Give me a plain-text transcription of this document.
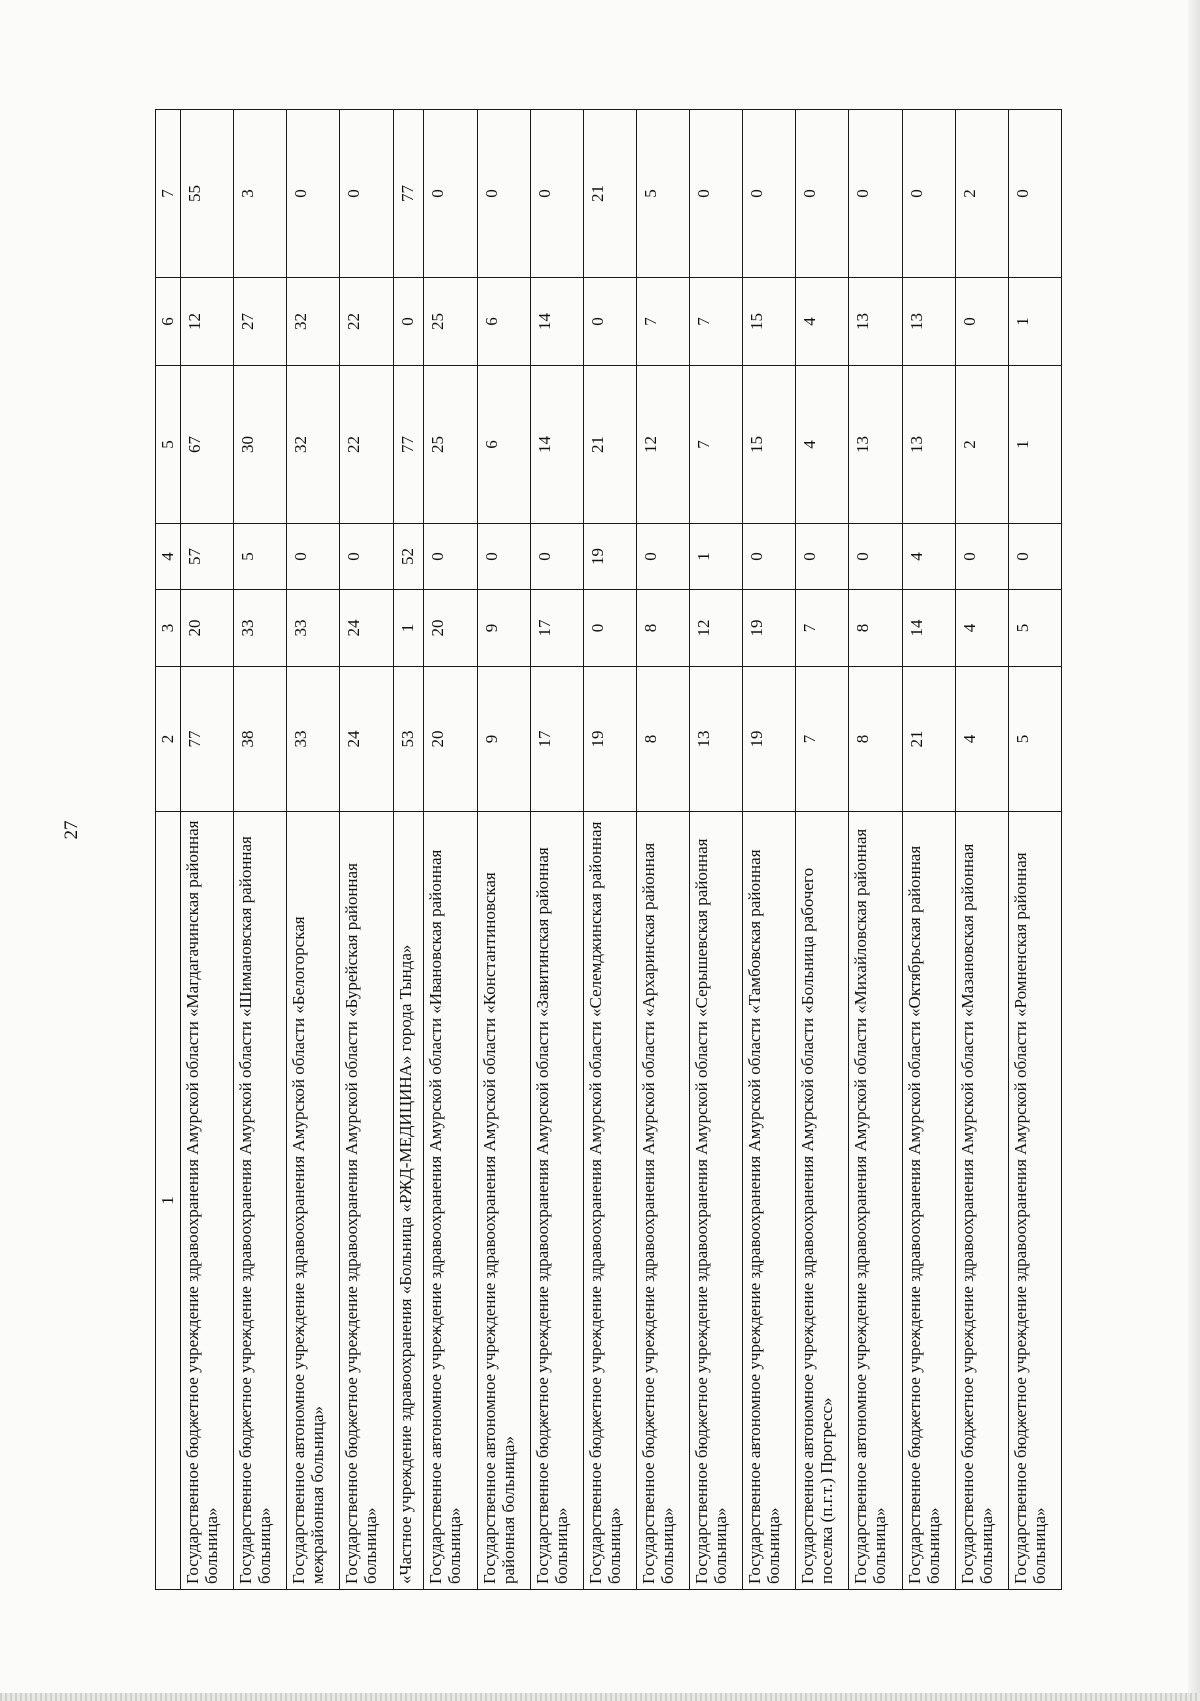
27
1	2	3	4	5	6	7
Государственное бюджетное учреждение здравоохранения Амурской области «Магдагачинская районная больница»	77	20	57	67	12	55
Государственное бюджетное учреждение здравоохранения Амурской области «Шимановская районная больница»	38	33	5	30	27	3
Государственное автономное учреждение здравоохранения Амурской области «Белогорская межрайонная больница»	33	33	0	32	32	0
Государственное бюджетное учреждение здравоохранения Амурской области «Бурейская районная больница»	24	24	0	22	22	0
«Частное учреждение здравоохранения «Больница «РЖД-МЕДИЦИНА» города Тында»	53	1	52	77	0	77
Государственное автономное учреждение здравоохранения Амурской области «Ивановская районная больница»	20	20	0	25	25	0
Государственное автономное учреждение здравоохранения Амурской области «Константиновская районная больница»	9	9	0	6	6	0
Государственное бюджетное учреждение здравоохранения Амурской области «Завитинская районная больница»	17	17	0	14	14	0
Государственное бюджетное учреждение здравоохранения Амурской области «Селемджинская районная больница»	19	0	19	21	0	21
Государственное бюджетное учреждение здравоохранения Амурской области «Архаринская районная больница»	8	8	0	12	7	5
Государственное бюджетное учреждение здравоохранения Амурской области «Серышевская районная больница»	13	12	1	7	7	0
Государственное автономное учреждение здравоохранения Амурской области «Тамбовская районная больница»	19	19	0	15	15	0
Государственное автономное учреждение здравоохранения Амурской области «Больница рабочего поселка (п.г.т.) Прогресс»	7	7	0	4	4	0
Государственное автономное учреждение здравоохранения Амурской области «Михайловская районная больница»	8	8	0	13	13	0
Государственное бюджетное учреждение здравоохранения Амурской области «Октябрьская районная больница»	21	14	4	13	13	0
Государственное бюджетное учреждение здравоохранения Амурской области «Мазановская районная больница»	4	4	0	2	0	2
Государственное бюджетное учреждение здравоохранения Амурской области «Ромненская районная больница»	5	5	0	1	1	0
